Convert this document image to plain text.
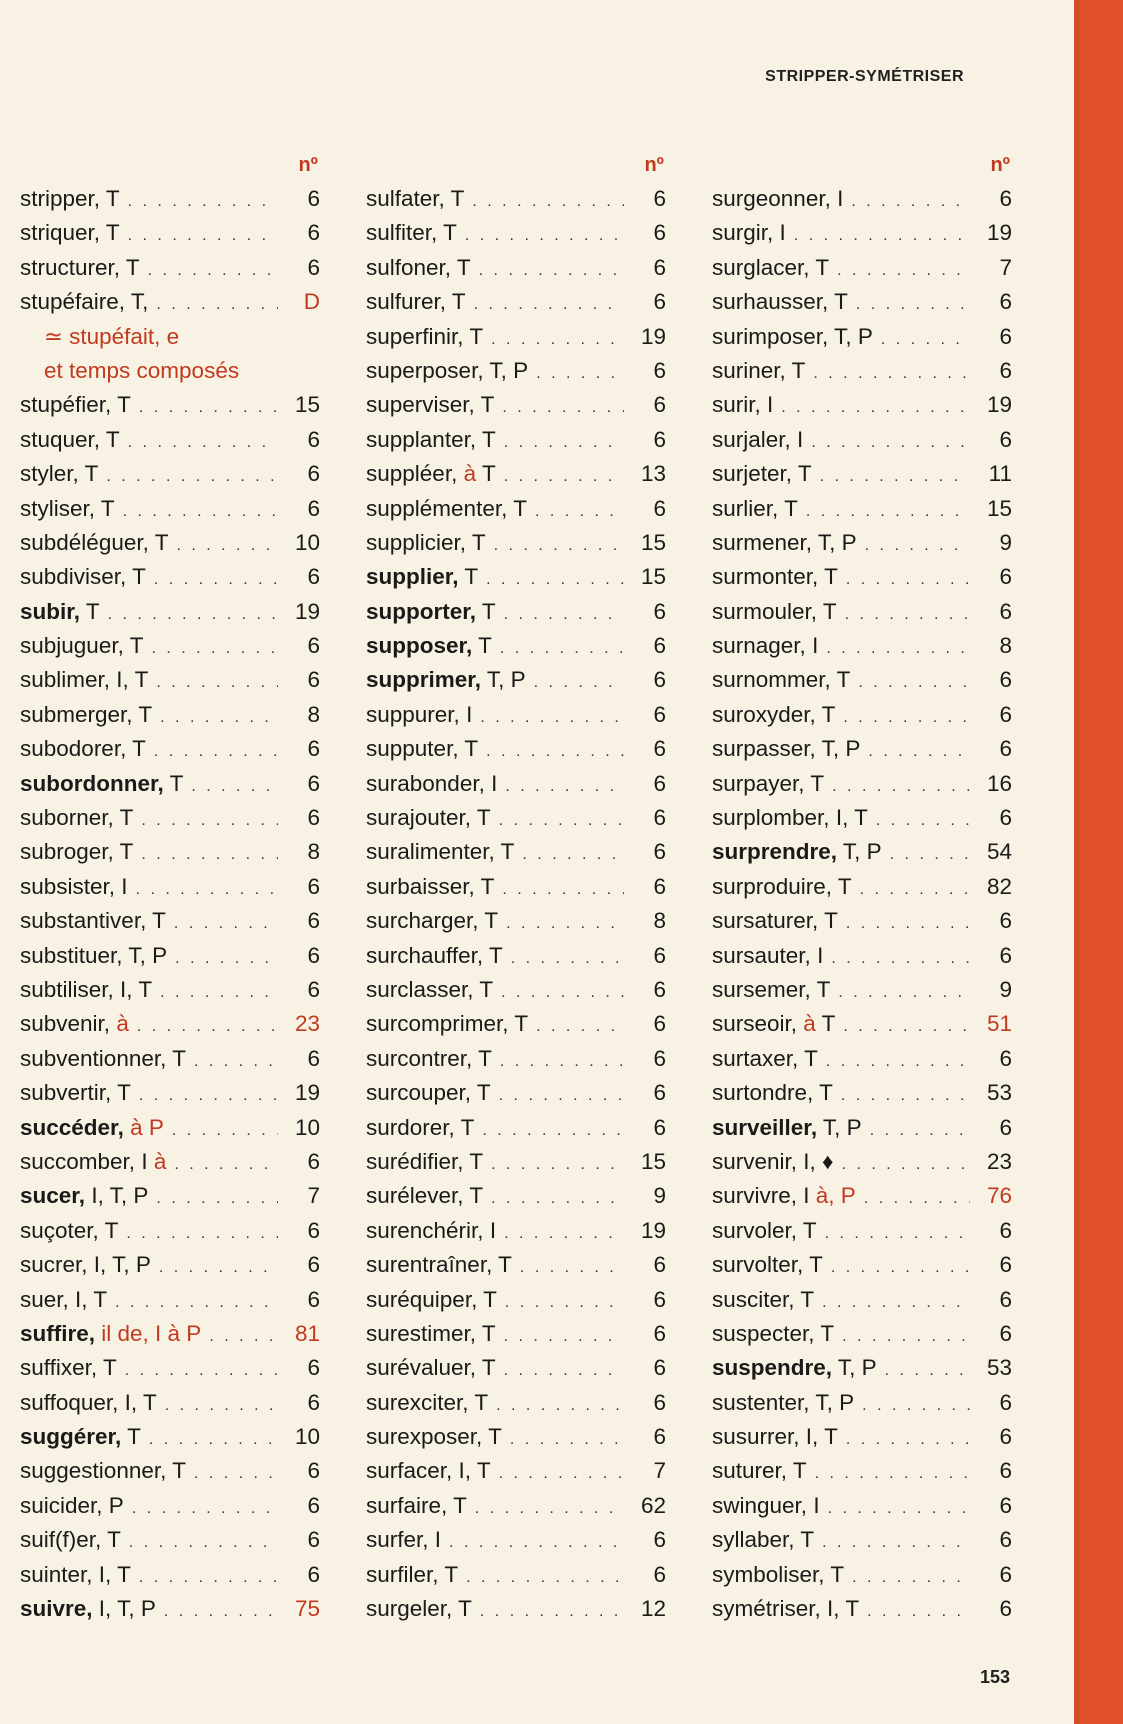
STRIPPER-SYMÉTRISER
nº
stripper, T . . .	6
striquer, T . . .	6
structurer, T . . .	6
stupéfaire, T, . . .	D
≃ stupéfait, e
et temps composés
stupéfier, T . . .	15
stuquer, T . . .	6
styler, T . . .	6
styliser, T . . .	6
subdéléguer, T . . .	10
subdiviser, T . . .	6
subir, T . . .	19
subjuguer, T . . .	6
sublimer, I, T . . .	6
submerger, T . . .	8
subodorer, T . . .	6
subordonner, T . . .	6
suborner, T . . .	6
subroger, T . . .	8
subsister, I . . .	6
substantiver, T . . .	6
substituer, T, P . . .	6
subtiliser, I, T . . .	6
subvenir, à . . .	23
subventionner, T . . .	6
subvertir, T . . .	19
succéder, à P . . .	10
succomber, I à . . .	6
sucer, I, T, P . . .	7
suçoter, T . . .	6
sucrer, I, T, P . . .	6
suer, I, T . . .	6
suffire, il de, I à P . . .	81
suffixer, T . . .	6
suffoquer, I, T . . .	6
suggérer, T . . .	10
suggestionner, T . . .	6
suicider, P . . .	6
suif(f)er, T . . .	6
suinter, I, T . . .	6
suivre, I, T, P . . .	75
nº
sulfater, T . . .	6
sulfiter, T . . .	6
sulfoner, T . . .	6
sulfurer, T . . .	6
superfinir, T . . .	19
superposer, T, P . . .	6
superviser, T . . .	6
supplanter, T . . .	6
suppléer, à T . . .	13
supplémenter, T . . .	6
supplicier, T . . .	15
supplier, T . . .	15
supporter, T . . .	6
supposer, T . . .	6
supprimer, T, P . . .	6
suppurer, I . . .	6
supputer, T . . .	6
surabonder, I . . .	6
surajouter, T . . .	6
suralimenter, T . . .	6
surbaisser, T . . .	6
surcharger, T . . .	8
surchauffer, T . . .	6
surclasser, T . . .	6
surcomprimer, T . . .	6
surcontrer, T . . .	6
surcouper, T . . .	6
surdorer, T . . .	6
surédifier, T . . .	15
surélever, T . . .	9
surenchérir, I . . .	19
surentraîner, T . . .	6
suréquiper, T . . .	6
surestimer, T . . .	6
surévaluer, T . . .	6
surexciter, T . . .	6
surexposer, T . . .	6
surfacer, I, T . . .	7
surfaire, T . . .	62
surfer, I . . .	6
surfiler, T . . .	6
surgeler, T . . .	12
nº
surgeonner, I . . .	6
surgir, I . . .	19
surglacer, T . . .	7
surhausser, T . . .	6
surimposer, T, P . . .	6
suriner, T . . .	6
surir, I . . .	19
surjaler, I . . .	6
surjeter, T . . .	11
surlier, T . . .	15
surmener, T, P . . .	9
surmonter, T . . .	6
surmouler, T . . .	6
surnager, I . . .	8
surnommer, T . . .	6
suroxyder, T . . .	6
surpasser, T, P . . .	6
surpayer, T . . .	16
surplomber, I, T . . .	6
surprendre, T, P . . .	54
surproduire, T . . .	82
sursaturer, T . . .	6
sursauter, I . . .	6
sursemer, T . . .	9
surseoir, à T . . .	51
surtaxer, T . . .	6
surtondre, T . . .	53
surveiller, T, P . . .	6
survenir, I, ♦ . . .	23
survivre, I à, P . . .	76
survoler, T . . .	6
survolter, T . . .	6
susciter, T . . .	6
suspecter, T . . .	6
suspendre, T, P . . .	53
sustenter, T, P . . .	6
susurrer, I, T . . .	6
suturer, T . . .	6
swinguer, I . . .	6
syllaber, T . . .	6
symboliser, T . . .	6
symétriser, I, T . . .	6
153
